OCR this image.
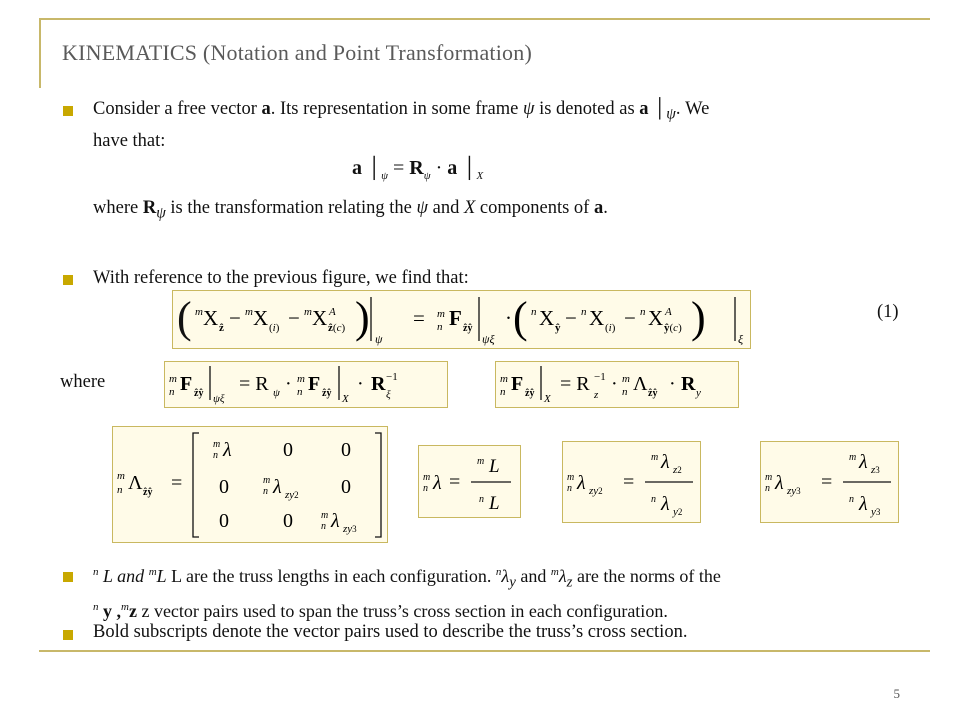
KINEMATICS (Notation and Point Transformation)
Consider a free vector a. Its representation in some frame ψ is denoted as a $│_\psi$. We
have that:
a $│_\psi = R_\psi \cdot a$ $│_X$
where $R_\psi$ is the transformation relating the ψ and X components of a.
With reference to the previous figure, we find that:
( m X ẑ − m X (i) − m X A
ẑ(c) ) ψ
= m
n F ẑŷ
ψξ
· ( n X ŷ − n X (i) − n X A
ŷ(c) )	ξ
(1)
where	m
n F ẑŷ ψξ
= R ψ · m
n F ẑŷ X
· R −1
ξ
m
n F ẑŷ X
= R −1
z · m
n Λ ẑŷ · R y
m
n Λ ẑŷ =
m
n λ	0 0
0	m
n λ zy2 0
0	0	m
n λ zy3
m
n λ =
m L
n L
m
n λ zy2 =
m λ z2
n λ y2
m
n λ zy3 =
m λ z3
n λ y3
$^n$ L and $^m$L L are the truss lengths in each configuration. $^n\lambda_y$ and $^m\lambda_z$ are the norms of the
$^n$ y ,$^m$z z vector pairs used to span the truss’s cross section in each configuration.
Bold subscripts denote the vector pairs used to describe the truss’s cross section.
5
